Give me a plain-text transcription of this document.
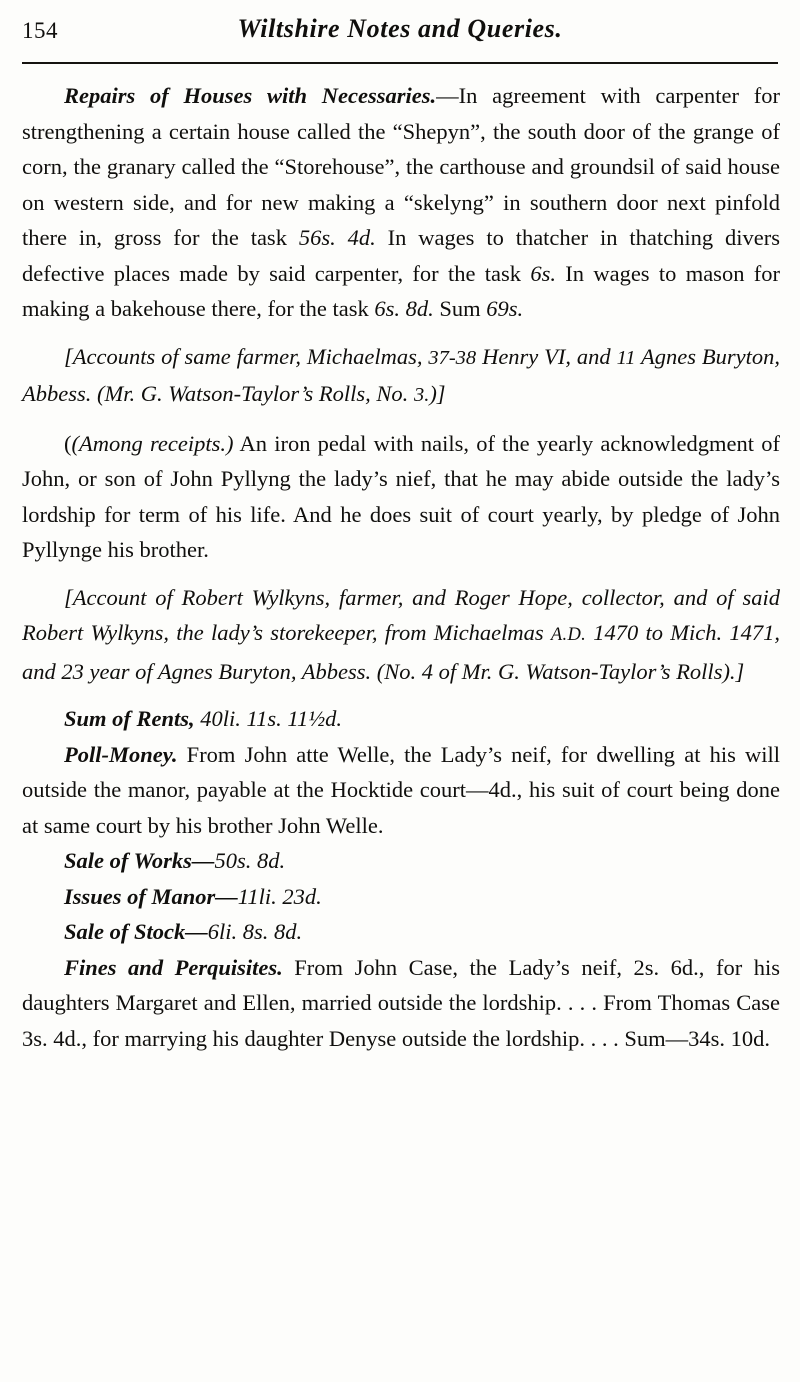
154	Wiltshire Notes and Queries.

Repairs of Houses with Necessaries.—In agreement with carpenter for strengthening a certain house called the “Shepyn”, the south door of the grange of corn, the granary called the “Storehouse”, the carthouse and groundsil of said house on western side, and for new making a “skelyng” in southern door next pinfold there in, gross for the task 56s. 4d. In wages to thatcher in thatching divers defective places made by said carpenter, for the task 6s. In wages to mason for making a bakehouse there, for the task 6s. 8d. Sum 69s.

[Accounts of same farmer, Michaelmas, 37-38 Henry VI, and 11 Agnes Buryton, Abbess. (Mr. G. Watson-Taylor’s Rolls, No. 3.)]

((Among receipts.) An iron pedal with nails, of the yearly acknowledgment of John, or son of John Pyllyng the lady’s nief, that he may abide outside the lady’s lordship for term of his life. And he does suit of court yearly, by pledge of John Pyllynge his brother.

[Account of Robert Wylkyns, farmer, and Roger Hope, collector, and of said Robert Wylkyns, the lady’s storekeeper, from Michaelmas A.D. 1470 to Mich. 1471, and 23 year of Agnes Buryton, Abbess. (No. 4 of Mr. G. Watson-Taylor’s Rolls).]

Sum of Rents, 40li. 11s. 11½d.

Poll-Money. From John atte Welle, the Lady’s neif, for dwelling at his will outside the manor, payable at the Hocktide court—4d., his suit of court being done at same court by his brother John Welle.

Sale of Works—50s. 8d.

Issues of Manor—11li. 23d.

Sale of Stock—6li. 8s. 8d.

Fines and Perquisites. From John Case, the Lady’s neif, 2s. 6d., for his daughters Margaret and Ellen, married outside the lordship. . . . From Thomas Case 3s. 4d., for marrying his daughter Denyse outside the lordship. . . . Sum—34s. 10d.
